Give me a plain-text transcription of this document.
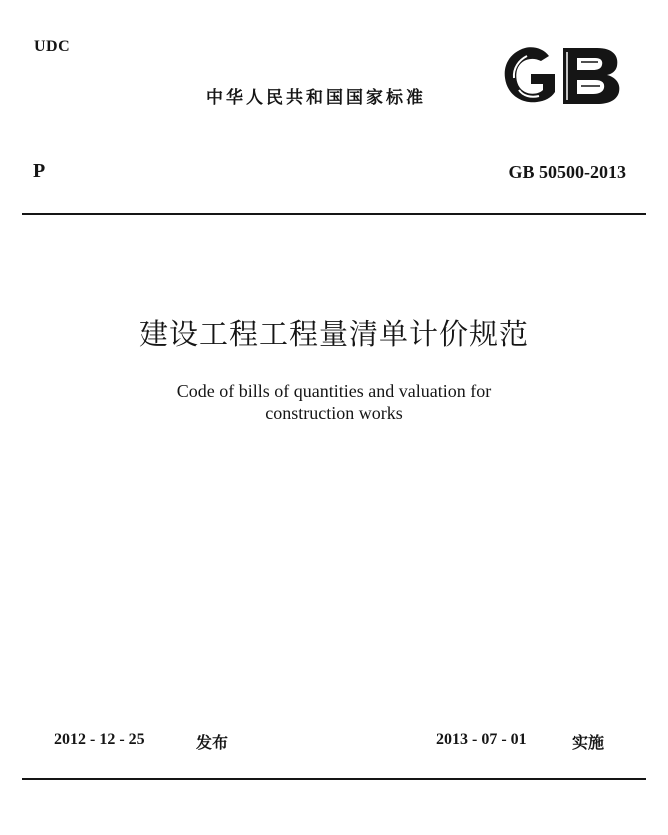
UDC
中华人民共和国国家标准
P	GB 50500-2013
建设工程工程量清单计价规范
Code of bills of quantities and valuation for
construction works
2012 - 12 - 25	发布	2013 - 07 - 01	实施
